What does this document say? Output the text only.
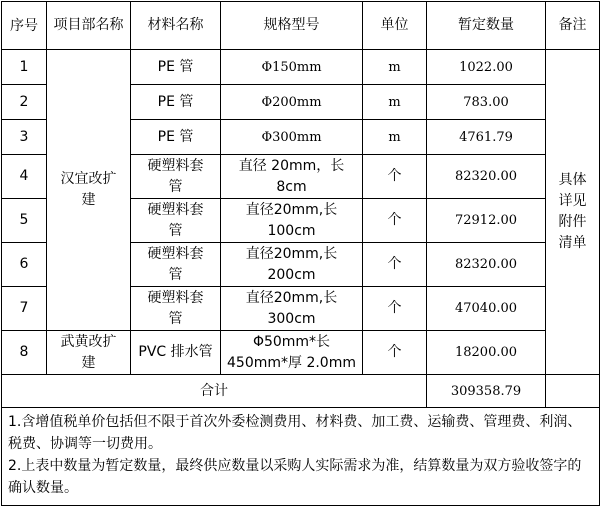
序号	项目部名称	材料名称	规格型号	单位	暂定数量	备注
1	汉宜改扩建	PE 管	Φ150mm	m	1022.00	具体详见附件清单
2		PE 管	Φ200mm	m	783.00	
3		PE 管	Φ300mm	m	4761.79	
4		硬塑料套管	直径 20mm，长 8cm	个	82320.00	
5		硬塑料套管	直径20mm,长100cm	个	72912.00	
6		硬塑料套管	直径20mm,长200cm	个	82320.00	
7		硬塑料套管	直径20mm,长300cm	个	47040.00	
8	武黄改扩建	PVC 排水管	Φ50mm*长 450mm*厚 2.0mm	个	18200.00	
合计					309358.79	

1.含增值税单价包括但不限于首次外委检测费用、材料费、加工费、运输费、管理费、利润、税费、协调等一切费用。
2.上表中数量为暂定数量，最终供应数量以采购人实际需求为准，结算数量为双方验收签字的确认数量。						
